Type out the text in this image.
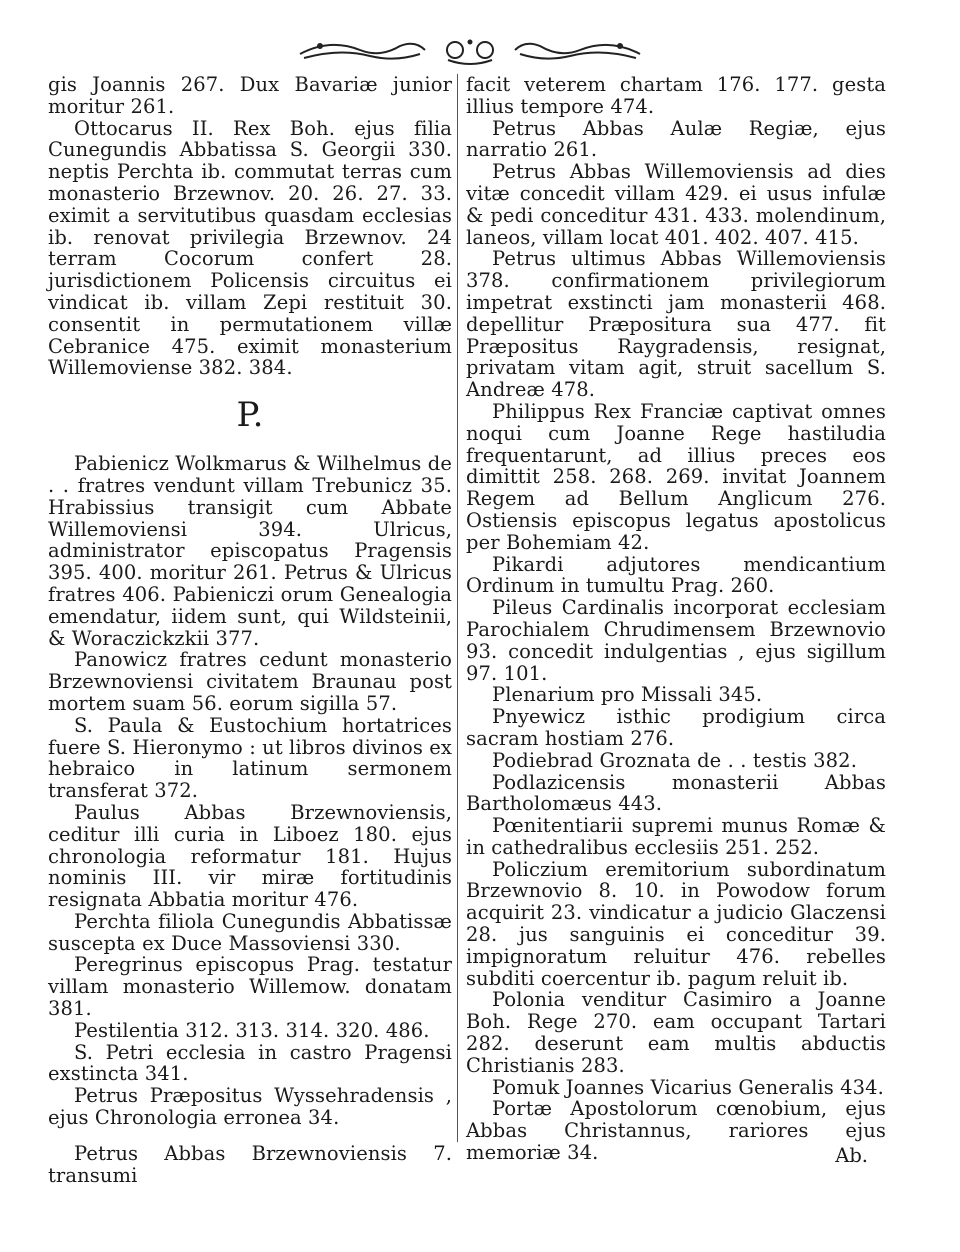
gis Joannis 267. Dux Bavariæ junior moritur 261.

Ottocarus II. Rex Boh. ejus filia Cunegundis Abbatissa S. Georgii 330. neptis Perchta ib. commutat terras cum monasterio Brzewnov. 20. 26. 27. 33. eximit a servitutibus quasdam ecclesias ib. renovat privilegia Brzewnov. 24 terram Cocorum confert 28. jurisdictionem Policensis circuitus ei vindicat ib. villam Zepi restituit 30. consentit in permutationem villæ Cebranice 475. eximit monasterium Willemoviense 382. 384.

P.

Pabienicz Wolkmarus & Wilhelmus de . . fratres vendunt villam Trebunicz 35. Hrabissius transigit cum Abbate Willemoviensi 394. Ulricus, administrator episcopatus Pragensis 395. 400. moritur 261. Petrus & Ulricus fratres 406. Pabieniczi orum Genealogia emendatur, iidem sunt, qui Wildsteinii, & Woraczickzkii 377.

Panowicz fratres cedunt monasterio Brzewnoviensi civitatem Braunau post mortem suam 56. eorum sigilla 57.

S. Paula & Eustochium hortatrices fuere S. Hieronymo : ut libros divinos ex hebraico in latinum sermonem transferat 372.

Paulus Abbas Brzewnoviensis, ceditur illi curia in Liboez 180. ejus chronologia reformatur 181. Hujus nominis III. vir miræ fortitudinis resignata Abbatia moritur 476.

Perchta filiola Cunegundis Abbatissæ suscepta ex Duce Massoviensi 330.

Peregrinus episcopus Prag. testatur villam monasterio Willemow. donatam 381.

Pestilentia 312. 313. 314. 320. 486.

S. Petri ecclesia in castro Pragensi exstincta 341.

Petrus Præpositus Wyssehradensis , ejus Chronologia erronea 34.

Petrus Abbas Brzewnoviensis 7. transumi

facit veterem chartam 176. 177. gesta illius tempore 474.

Petrus Abbas Aulæ Regiæ, ejus narratio 261.

Petrus Abbas Willemoviensis ad dies vitæ concedit villam 429. ei usus infulæ & pedi conceditur 431. 433. molendinum, laneos, villam locat 401. 402. 407. 415.

Petrus ultimus Abbas Willemoviensis 378. confirmationem privilegiorum impetrat exstincti jam monasterii 468. depellitur Præpositura sua 477. fit Præpositus Raygradensis, resignat, privatam vitam agit, struit sacellum S. Andreæ 478.

Philippus Rex Franciæ captivat omnes noqui cum Joanne Rege hastiludia frequentarunt, ad illius preces eos dimittit 258. 268. 269. invitat Joannem Regem ad Bellum Anglicum 276. Ostiensis episcopus legatus apostolicus per Bohemiam 42.

Pikardi adjutores mendicantium Ordinum in tumultu Prag. 260.

Pileus Cardinalis incorporat ecclesiam Parochialem Chrudimensem Brzewnovio 93. concedit indulgentias , ejus sigillum 97. 101.

Plenarium pro Missali 345.

Pnyewicz isthic prodigium circa sacram hostiam 276.

Podiebrad Groznata de . . testis 382.

Podlazicensis monasterii Abbas Bartholomæus 443.

Pœnitentiarii supremi munus Romæ & in cathedralibus ecclesiis 251. 252.

Policzium eremitorium subordinatum Brzewnovio 8. 10. in Powodow forum acquirit 23. vindicatur a judicio Glaczensi 28. jus sanguinis ei conceditur 39. impignoratum reluitur 476. rebelles subditi coercentur ib. pagum reluit ib.

Polonia venditur Casimiro a Joanne Boh. Rege 270. eam occupant Tartari 282. deserunt eam multis abductis Christianis 283.

Pomuk Joannes Vicarius Generalis 434.

Portæ Apostolorum cœnobium, ejus Abbas Christannus, rariores ejus memoriæ 34.	Ab.
